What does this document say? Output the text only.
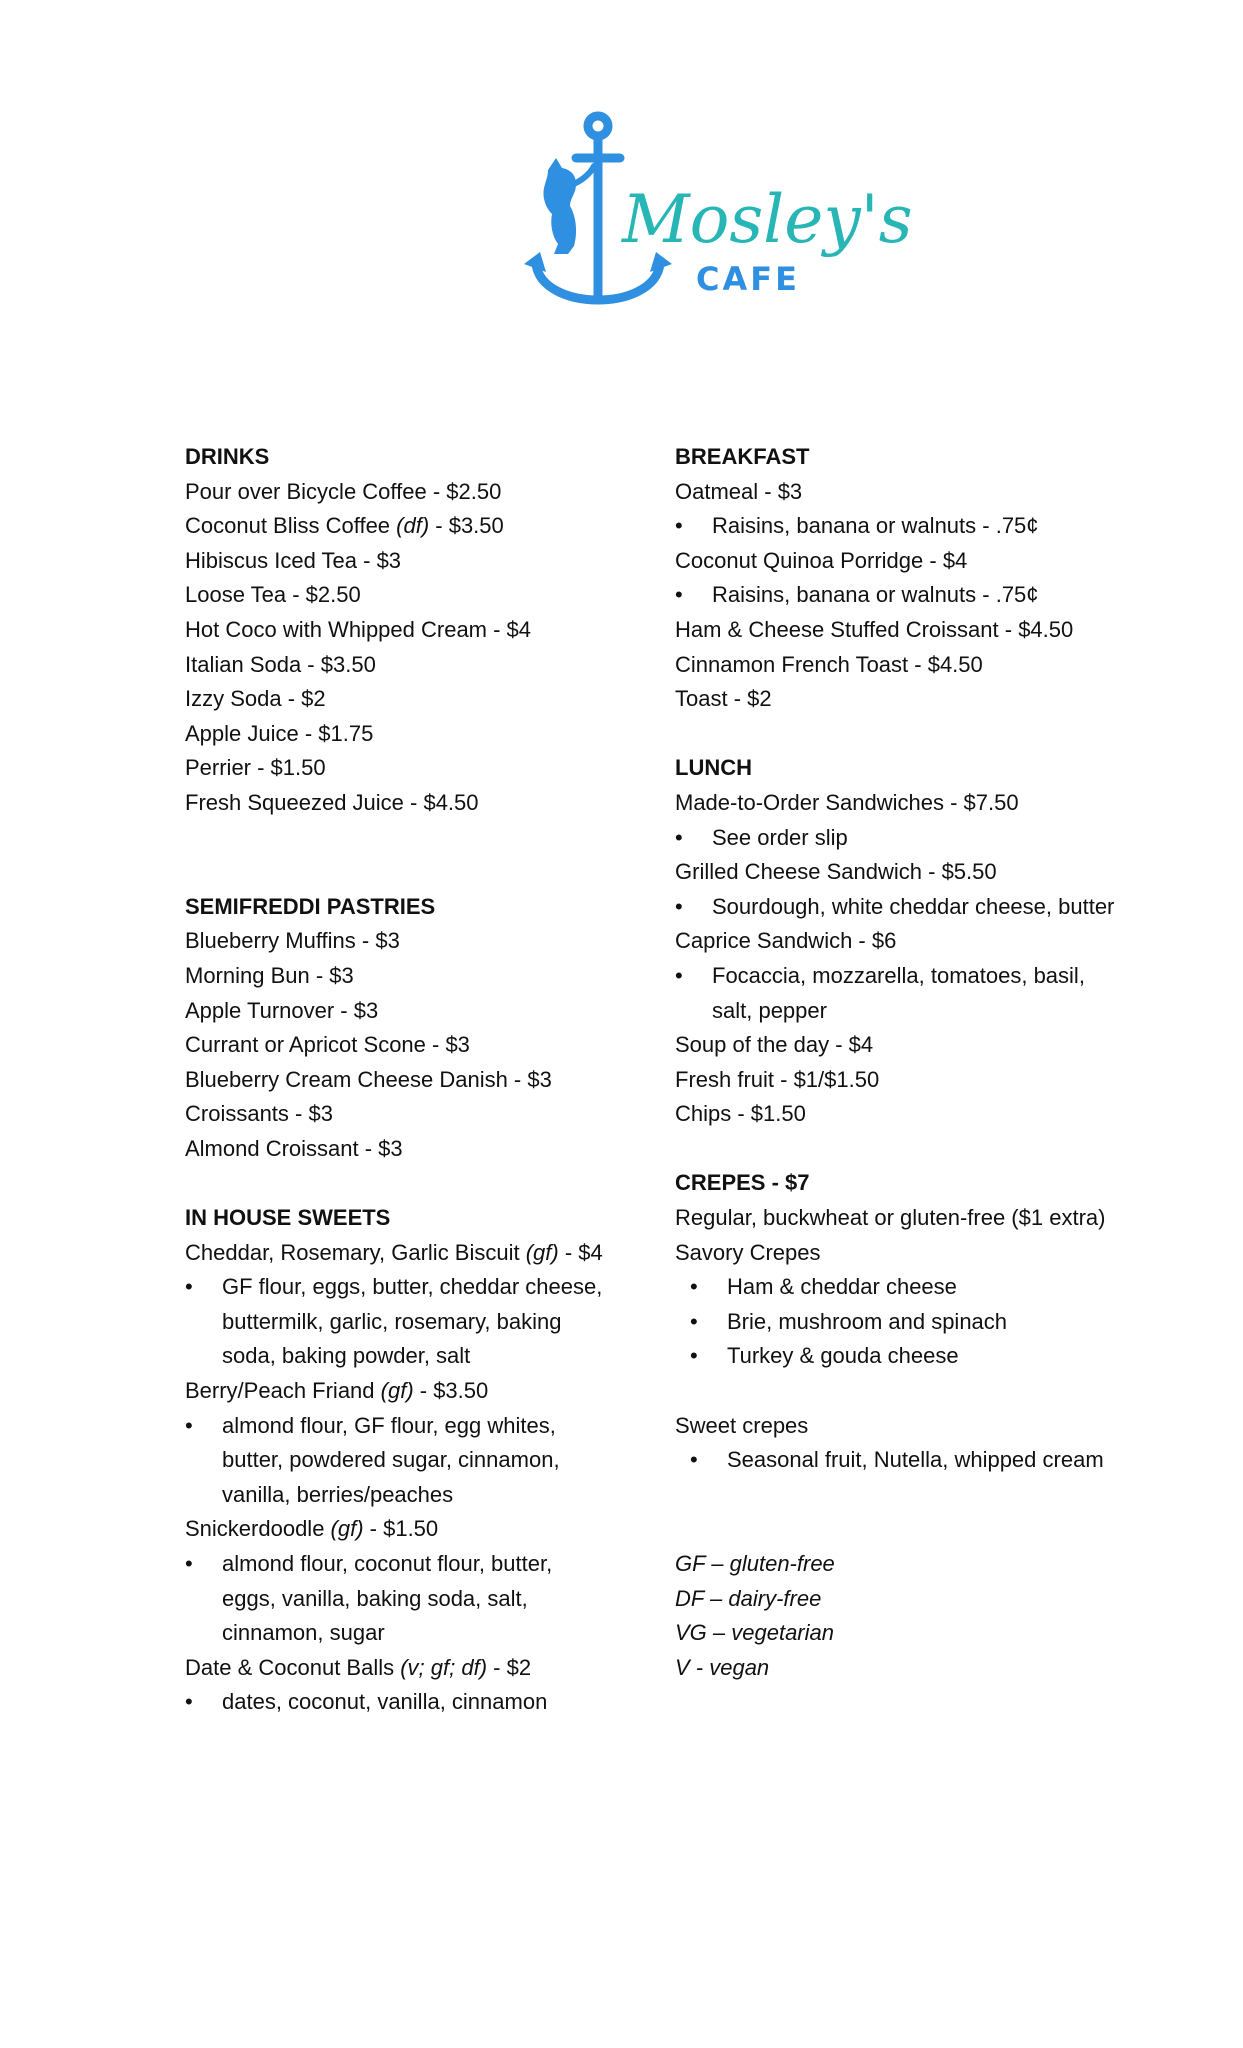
Mosley's
CAFE
DRINKS
Pour over Bicycle Coffee - $2.50
Coconut Bliss Coffee (df) - $3.50
Hibiscus Iced Tea - $3
Loose Tea - $2.50
Hot Coco with Whipped Cream - $4
Italian Soda - $3.50
Izzy Soda - $2
Apple Juice - $1.75
Perrier - $1.50
Fresh Squeezed Juice - $4.50
SEMIFREDDI PASTRIES
Blueberry Muffins - $3
Morning Bun - $3
Apple Turnover - $3
Currant or Apricot Scone - $3
Blueberry Cream Cheese Danish - $3
Croissants - $3
Almond Croissant - $3
IN HOUSE SWEETS
Cheddar, Rosemary, Garlic Biscuit (gf) - $4
• GF flour, eggs, butter, cheddar cheese,
buttermilk, garlic, rosemary, baking
soda, baking powder, salt
Berry/Peach Friand (gf) - $3.50
• almond flour, GF flour, egg whites,
butter, powdered sugar, cinnamon,
vanilla, berries/peaches
Snickerdoodle (gf) - $1.50
• almond flour, coconut flour, butter,
eggs, vanilla, baking soda, salt,
cinnamon, sugar
Date & Coconut Balls (v; gf; df) - $2
• dates, coconut, vanilla, cinnamon
BREAKFAST
Oatmeal - $3
• Raisins, banana or walnuts - .75¢
Coconut Quinoa Porridge - $4
• Raisins, banana or walnuts - .75¢
Ham & Cheese Stuffed Croissant - $4.50
Cinnamon French Toast - $4.50
Toast - $2
LUNCH
Made-to-Order Sandwiches - $7.50
• See order slip
Grilled Cheese Sandwich - $5.50
• Sourdough, white cheddar cheese, butter
Caprice Sandwich - $6
• Focaccia, mozzarella, tomatoes, basil,
salt, pepper
Soup of the day - $4
Fresh fruit - $1/$1.50
Chips - $1.50
CREPES - $7
Regular, buckwheat or gluten-free ($1 extra)
Savory Crepes
• Ham & cheddar cheese
• Brie, mushroom and spinach
• Turkey & gouda cheese
Sweet crepes
• Seasonal fruit, Nutella, whipped cream
GF – gluten-free
DF – dairy-free
VG – vegetarian
V - vegan
